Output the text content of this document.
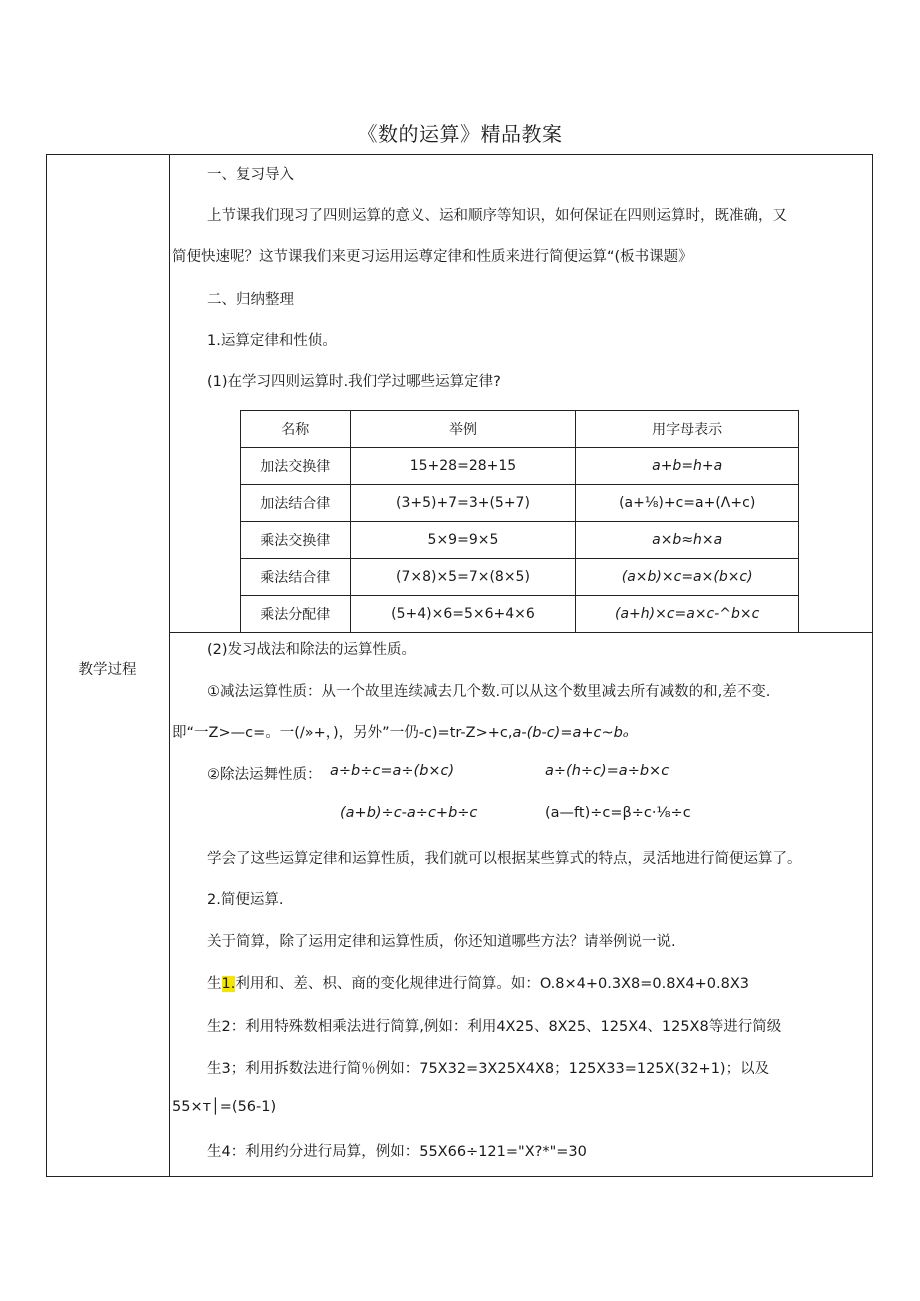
《数的运算》精品教案
教学过程
一、复习导入
上节课我们现习了四则运算的意义、运和顺序等知识，如何保证在四则运算时，既准确，又
简便快速呢？这节课我们来更习运用运尊定律和性质来进行简便运算“(板书课题》
二、归纳整理
1.运算定律和性侦。
(1)在学习四则运算时.我们学过哪些运算定律?
名称	举例	用字母表示
加法交换律	15+28=28+15	a+b=h+a
加法结合律	(3+5)+7=3+(5+7)	(a+⅛)+c=a+(Λ+c)
乘法交换律	5×9=9×5	a×b≈h×a
乘法结合律	(7×8)×5=7×(8×5)	(a×b)×c=a×(b×c)
乘法分配律	(5+4)×6=5×6+4×6	(a+h)×c=a×c-^b×c
(2)发习战法和除法的运算性质。
①减法运算性质：从一个故里连续减去几个数.可以从这个数里减去所有减数的和,差不变.
即“一Z>—c=。一(/»+，)，另外”一仍-c)=tr-Z>+c,a-(b-c)=a+c~bₒ
②除法运舞性质： a÷b÷c=a÷(b×c)	a÷(h÷c)=a÷b×c
(a+b)÷c-a÷c+b÷c	(a—ft)÷c=β÷c⋅⅛÷c
学会了这些运算定律和运算性质，我们就可以根据某些算式的特点，灵活地进行简便运算了。
2.简便运算.
关于简算，除了运用定律和运算性质，你还知道哪些方法？请举例说一说.
生1.利用和、差、枳、商的变化规律进行简算。如：O.8×4+0.3X8=0.8X4+0.8X3
生2：利用特殊数相乘法进行简算,例如：利用4X25、8X25、125X4、125X8等进行简级
生3；利用拆数法进行简％例如：75X32=3X25X4X8；125X33=125X(32+1)；以及
55×т│=(56-1)
生4：利用约分进行局算，例如：55X66÷121="X?*"=30
